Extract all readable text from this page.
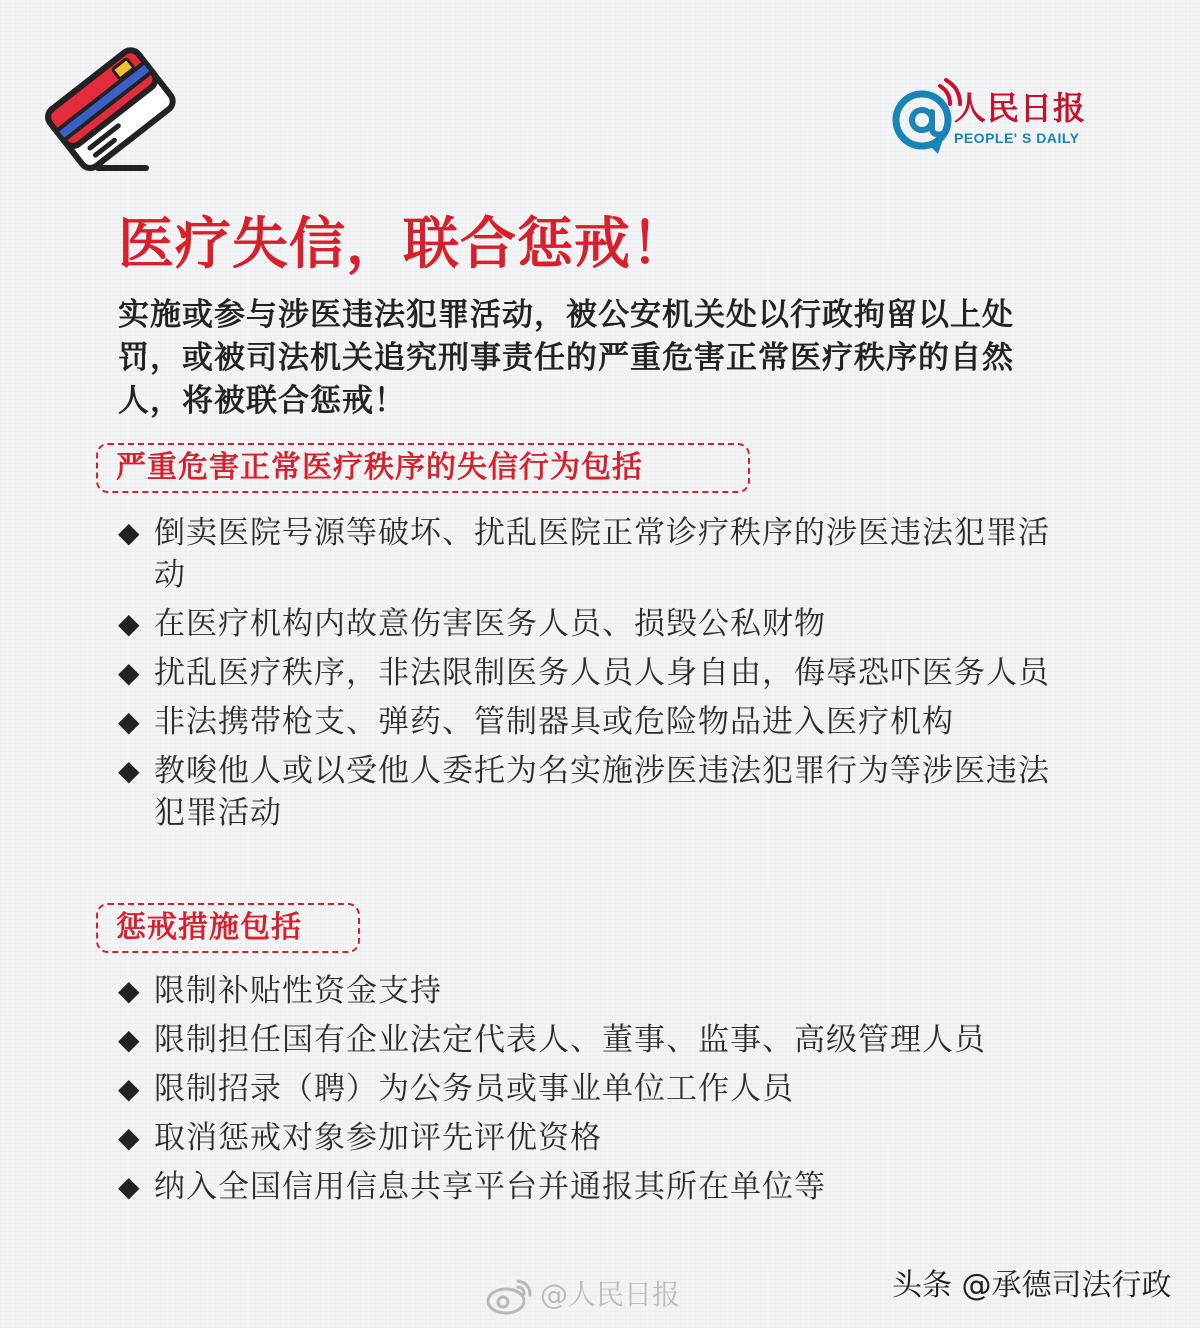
人民日报
PEOPLE' S DAILY
医疗失信，联合惩戒！
实施或参与涉医违法犯罪活动，被公安机关处以行政拘留以上处罚，或被司法机关追究刑事责任的严重危害正常医疗秩序的自然人，将被联合惩戒！
严重危害正常医疗秩序的失信行为包括
◆ 倒卖医院号源等破坏、扰乱医院正常诊疗秩序的涉医违法犯罪活动
◆ 在医疗机构内故意伤害医务人员、损毁公私财物
◆ 扰乱医疗秩序，非法限制医务人员人身自由，侮辱恐吓医务人员
◆ 非法携带枪支、弹药、管制器具或危险物品进入医疗机构
◆ 教唆他人或以受他人委托为名实施涉医违法犯罪行为等涉医违法犯罪活动
惩戒措施包括
◆ 限制补贴性资金支持
◆ 限制担任国有企业法定代表人、董事、监事、高级管理人员
◆ 限制招录（聘）为公务员或事业单位工作人员
◆ 取消惩戒对象参加评先评优资格
◆ 纳入全国信用信息共享平台并通报其所在单位等
@人民日报	头条 @承德司法行政
